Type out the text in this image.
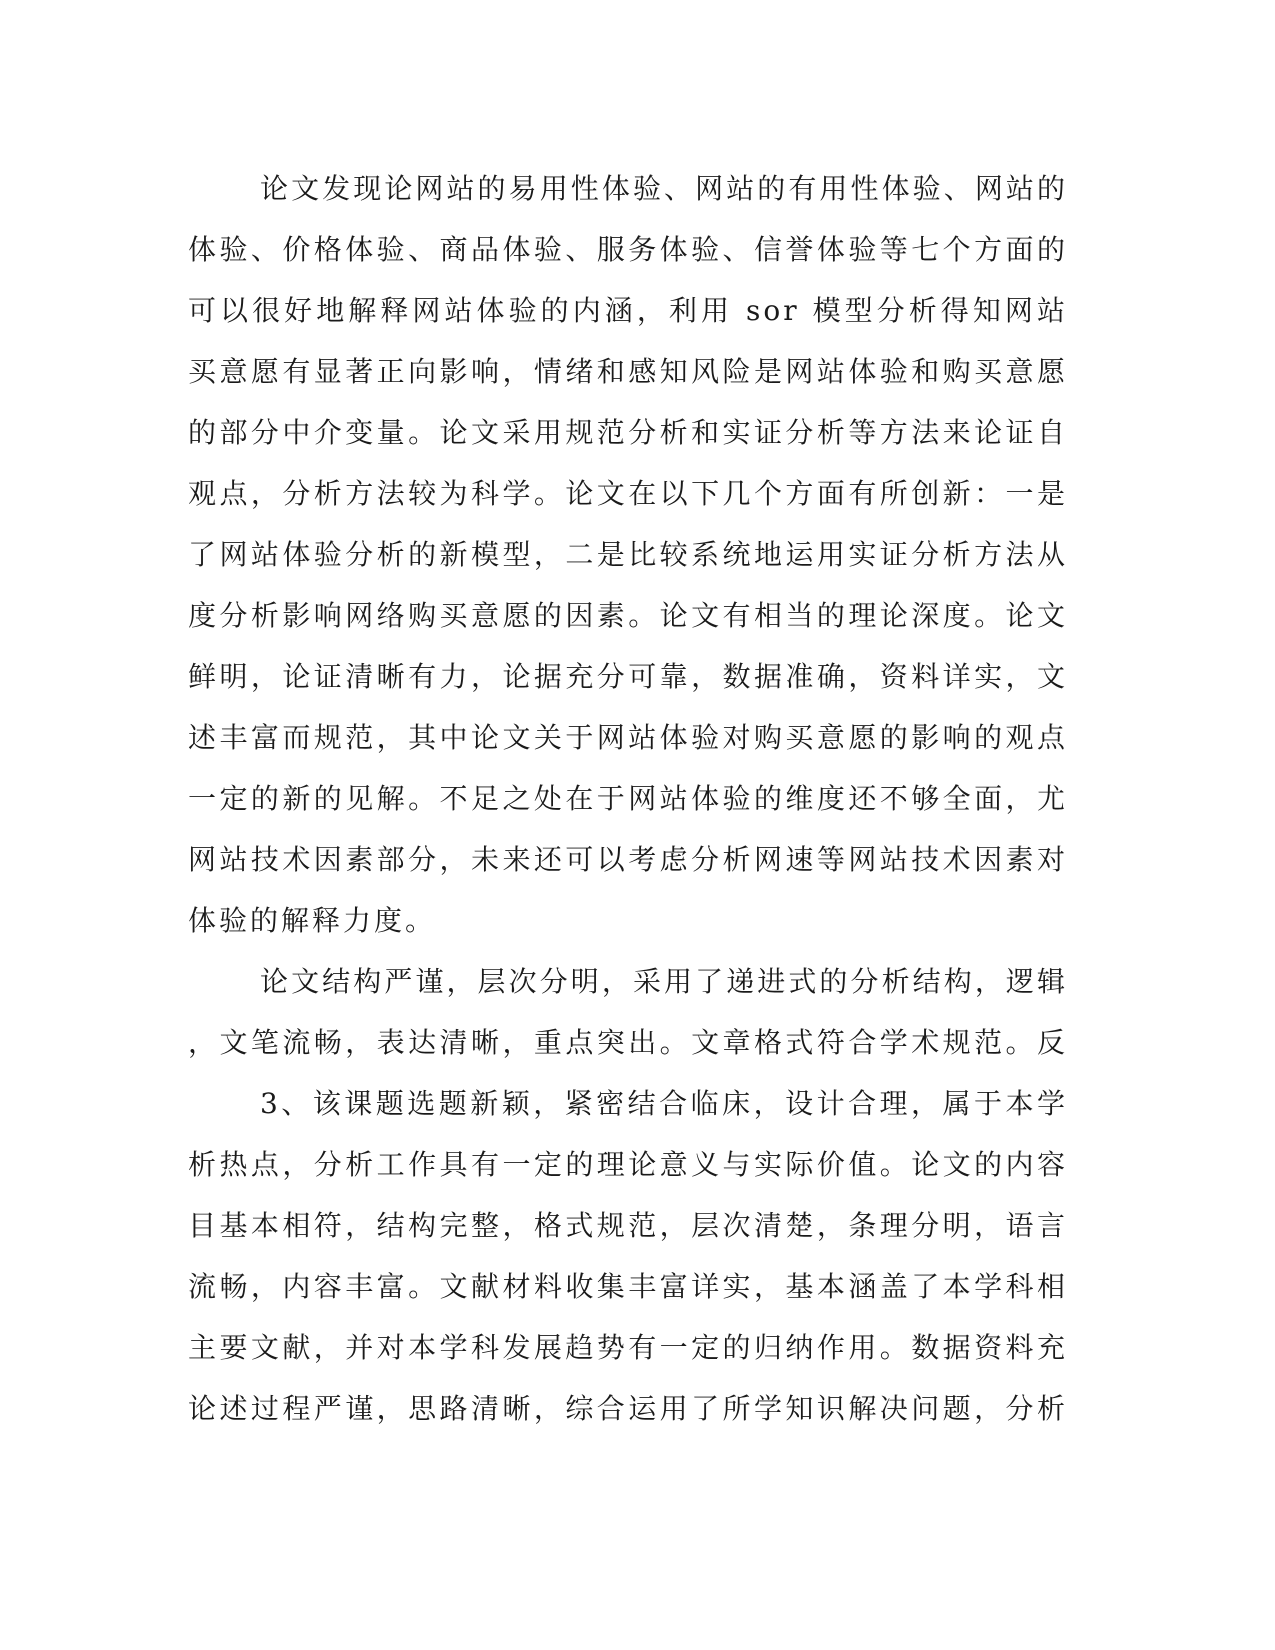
论文发现论网站的易用性体验、网站的有用性体验、网站的
体验、价格体验、商品体验、服务体验、信誉体验等七个方面的
可以很好地解释网站体验的内涵，利用 sor 模型分析得知网站
买意愿有显著正向影响，情绪和感知风险是网站体验和购买意愿
的部分中介变量。论文采用规范分析和实证分析等方法来论证自
观点，分析方法较为科学。论文在以下几个方面有所创新：一是
了网站体验分析的新模型，二是比较系统地运用实证分析方法从
度分析影响网络购买意愿的因素。论文有相当的理论深度。论文
鲜明，论证清晰有力，论据充分可靠，数据准确，资料详实，文
述丰富而规范，其中论文关于网站体验对购买意愿的影响的观点
一定的新的见解。不足之处在于网站体验的维度还不够全面，尤
网站技术因素部分，未来还可以考虑分析网速等网站技术因素对
体验的解释力度。
论文结构严谨，层次分明，采用了递进式的分析结构，逻辑
，文笔流畅，表达清晰，重点突出。文章格式符合学术规范。反
3、该课题选题新颖，紧密结合临床，设计合理，属于本学
析热点，分析工作具有一定的理论意义与实际价值。论文的内容
目基本相符，结构完整，格式规范，层次清楚，条理分明，语言
流畅，内容丰富。文献材料收集丰富详实，基本涵盖了本学科相
主要文献，并对本学科发展趋势有一定的归纳作用。数据资料充
论述过程严谨，思路清晰，综合运用了所学知识解决问题，分析
